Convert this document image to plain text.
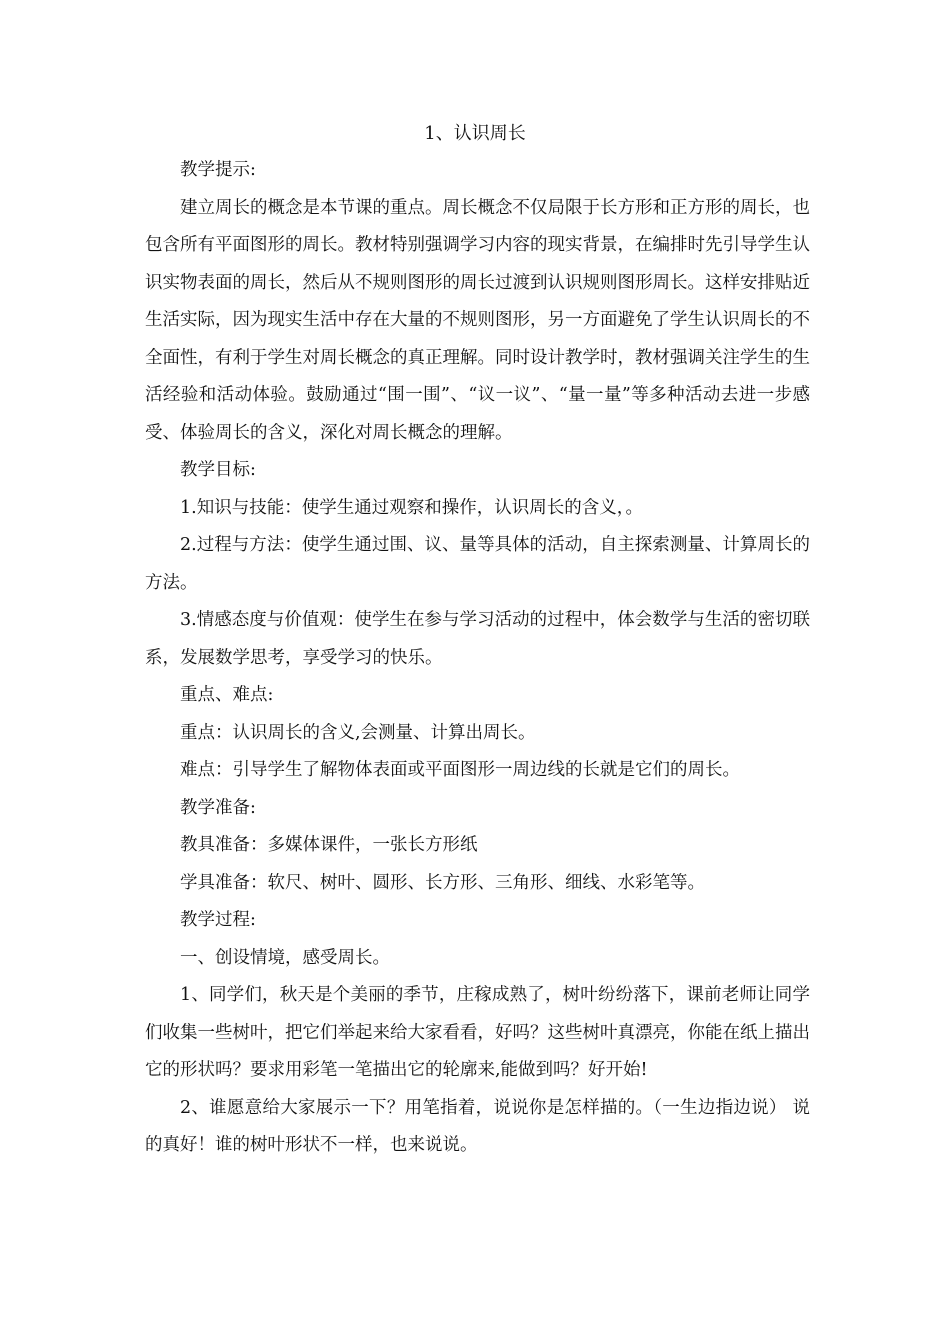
1、认识周长

教学提示:

建立周长的概念是本节课的重点。周长概念不仅局限于长方形和正方形的周长，也包含所有平面图形的周长。教材特别强调学习内容的现实背景，在编排时先引导学生认识实物表面的周长，然后从不规则图形的周长过渡到认识规则图形周长。这样安排贴近生活实际，因为现实生活中存在大量的不规则图形，另一方面避免了学生认识周长的不全面性，有利于学生对周长概念的真正理解。同时设计教学时，教材强调关注学生的生活经验和活动体验。鼓励通过“围一围”、“议一议”、“量一量”等多种活动去进一步感受、体验周长的含义，深化对周长概念的理解。

教学目标:

1.知识与技能：使学生通过观察和操作，认识周长的含义，。

2.过程与方法：使学生通过围、议、量等具体的活动，自主探索测量、计算周长的方法。

3.情感态度与价值观：使学生在参与学习活动的过程中，体会数学与生活的密切联系，发展数学思考，享受学习的快乐。

重点、难点:

重点：认识周长的含义,会测量、计算出周长。

难点：引导学生了解物体表面或平面图形一周边线的长就是它们的周长。

教学准备:

教具准备：多媒体课件，一张长方形纸

学具准备：软尺、树叶、圆形、长方形、三角形、细线、水彩笔等。

教学过程:

一、创设情境，感受周长。

1、同学们，秋天是个美丽的季节，庄稼成熟了，树叶纷纷落下，课前老师让同学们收集一些树叶，把它们举起来给大家看看，好吗？这些树叶真漂亮，你能在纸上描出它的形状吗？要求用彩笔一笔描出它的轮廓来,能做到吗？好开始!

2、谁愿意给大家展示一下？用笔指着，说说你是怎样描的。（一生边指边说） 说的真好！谁的树叶形状不一样，也来说说。
